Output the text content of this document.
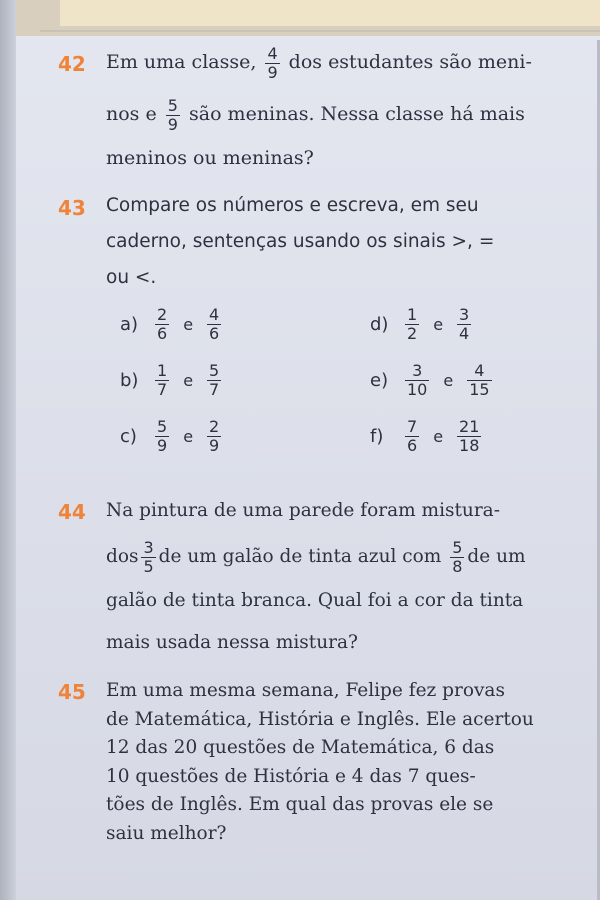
42 Em uma classe, $\frac{4}{9}$ dos estudantes são meni-
nos e $\frac{5}{9}$ são meninas. Nessa classe há mais
meninos ou meninas?
43 Compare os números e escreva, em seu
caderno, sentenças usando os sinais >, =
ou <.
a)	$\frac{2}{6}$ e $\frac{4}{6}$
b)	$\frac{1}{7}$ e $\frac{5}{7}$
c)	$\frac{5}{9}$ e $\frac{2}{9}$
d)	$\frac{1}{2}$ e $\frac{3}{4}$
e)	$\frac{3}{10}$ e $\frac{4}{15}$
f)	$\frac{7}{6}$ e $\frac{21}{18}$
44 Na pintura de uma parede foram mistura-
dos $\frac{3}{5}$ de um galão de tinta azul com $\frac{5}{8}$ de um
galão de tinta branca. Qual foi a cor da tinta
mais usada nessa mistura?
45 Em uma mesma semana, Felipe fez provas
de Matemática, História e Inglês. Ele acertou
12 das 20 questões de Matemática, 6 das
10 questões de História e 4 das 7 ques-
tões de Inglês. Em qual das provas ele se
saiu melhor?
